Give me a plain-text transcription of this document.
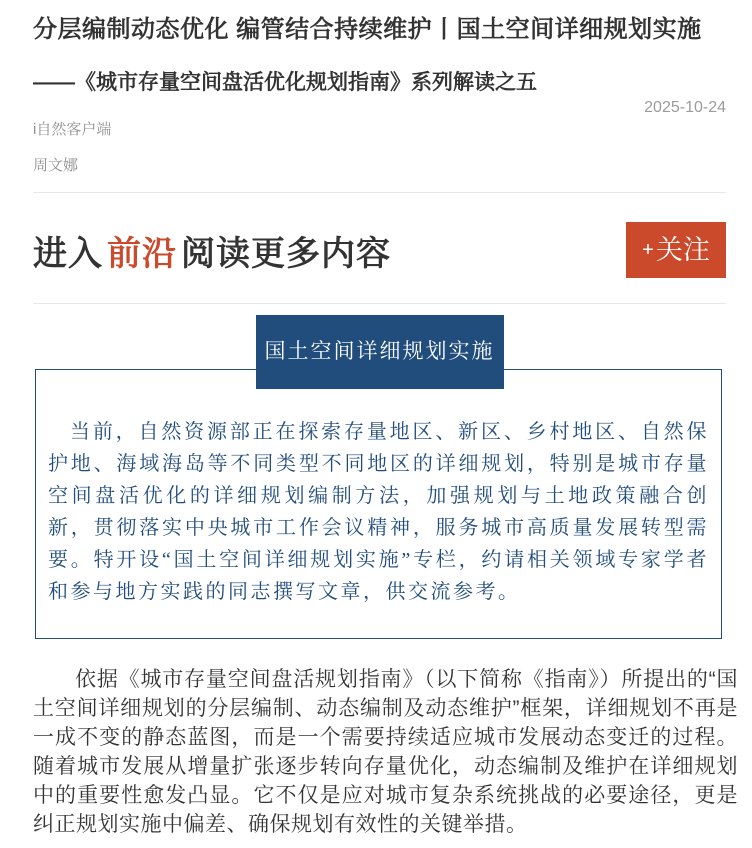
分层编制动态优化 编管结合持续维护丨国土空间详细规划实施
——《城市存量空间盘活优化规划指南》系列解读之五
2025-10-24
i自然客户端
周文娜
进入 前沿 阅读更多内容	+ 关注
国土空间详细规划实施

当前，自然资源部正在探索存量地区、新区、乡村地区、自然保护地、海域海岛等不同类型不同地区的详细规划，特别是城市存量空间盘活优化的详细规划编制方法，加强规划与土地政策融合创新，贯彻落实中央城市工作会议精神，服务城市高质量发展转型需要。特开设“国土空间详细规划实施”专栏，约请相关领域专家学者和参与地方实践的同志撰写文章，供交流参考。

依据《城市存量空间盘活规划指南》（以下简称《指南》）所提出的“国土空间详细规划的分层编制、动态编制及动态维护”框架，详细规划不再是一成不变的静态蓝图，而是一个需要持续适应城市发展动态变迁的过程。随着城市发展从增量扩张逐步转向存量优化，动态编制及维护在详细规划中的重要性愈发凸显。它不仅是应对城市复杂系统挑战的必要途径，更是纠正规划实施中偏差、确保规划有效性的关键举措。
